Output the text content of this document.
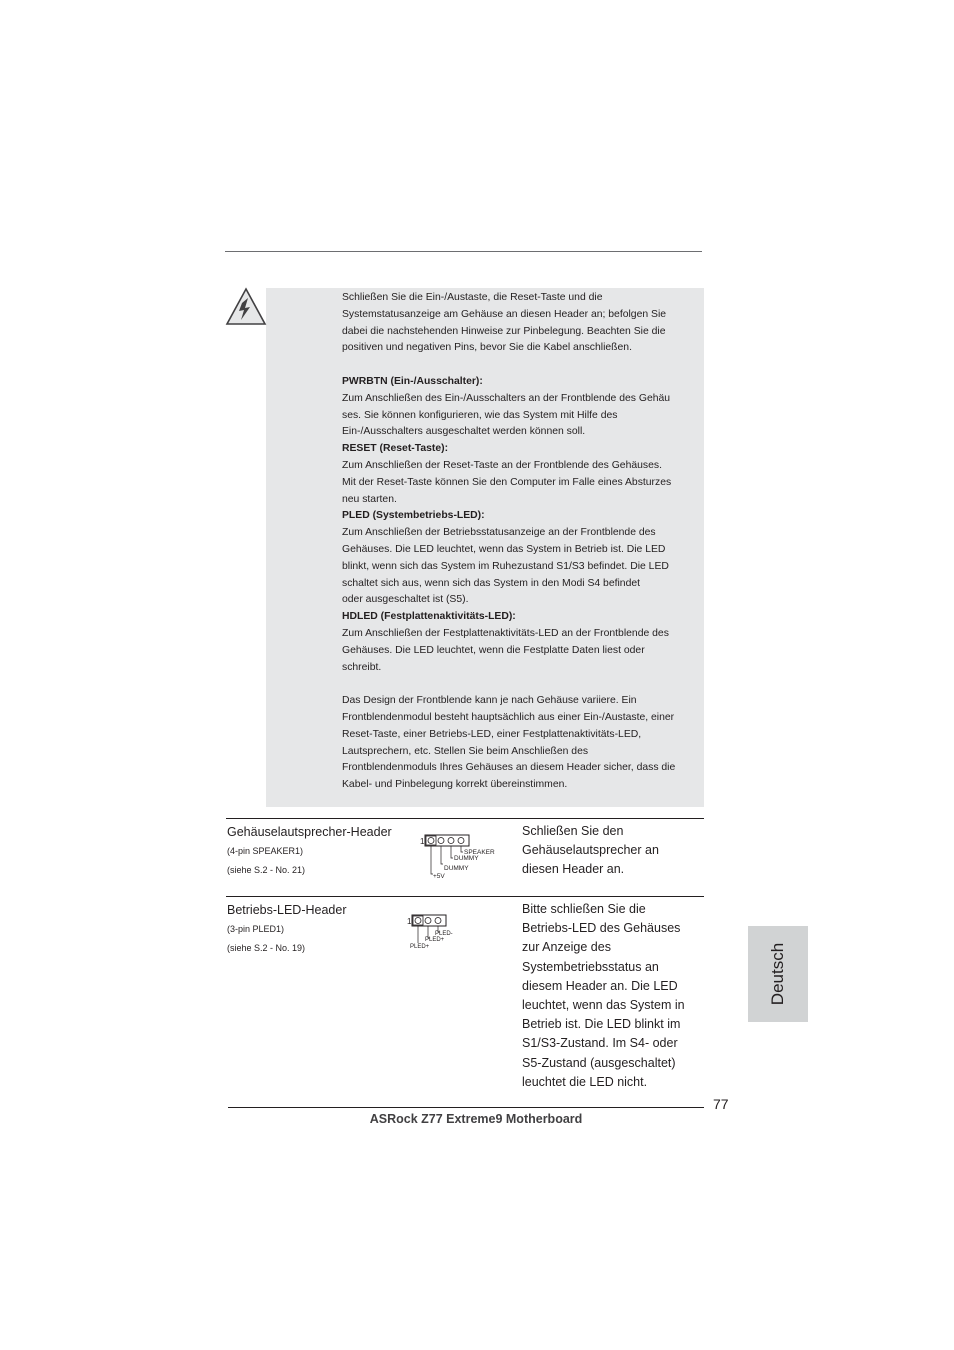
Schließen Sie die Ein-/Austaste, die Reset-Taste und die

Systemstatusanzeige am Gehäuse an diesen Header an; befolgen Sie

dabei die nachstehenden Hinweise zur Pinbelegung. Beachten Sie die

positiven und negativen Pins, bevor Sie die Kabel anschließen.

PWRBTN (Ein-/Ausschalter):

Zum Anschließen des Ein-/Ausschalters an der Frontblende des Gehäu

ses. Sie können konfigurieren, wie das System mit Hilfe des

Ein-/Ausschalters ausgeschaltet werden können soll.

RESET (Reset-Taste):

Zum Anschließen der Reset-Taste an der Frontblende des Gehäuses.

Mit der Reset-Taste können Sie den Computer im Falle eines Absturzes

neu starten.

PLED (Systembetriebs-LED):

Zum Anschließen der Betriebsstatusanzeige an der Frontblende des

Gehäuses. Die LED leuchtet, wenn das System in Betrieb ist. Die LED

blinkt, wenn sich das System im Ruhezustand S1/S3 befindet. Die LED

schaltet sich aus, wenn sich das System in den Modi S4 befindet

oder ausgeschaltet ist (S5).

HDLED (Festplattenaktivitäts-LED):

Zum Anschließen der Festplattenaktivitäts-LED an der Frontblende des

Gehäuses. Die LED leuchtet, wenn die Festplatte Daten liest oder

schreibt.

Das Design der Frontblende kann je nach Gehäuse variiere. Ein

Frontblendenmodul besteht hauptsächlich aus einer Ein-/Austaste, einer

Reset-Taste, einer Betriebs-LED, einer Festplattenaktivitäts-LED,

Lautsprechern, etc. Stellen Sie beim Anschließen des

Frontblendenmoduls Ihres Gehäuses an diesem Header sicher, dass die

Kabel- und Pinbelegung korrekt übereinstimmen.

Gehäuselautsprecher-Header
(4-pin SPEAKER1)
(siehe S.2 - No. 21)
1
SPEAKER
DUMMY
DUMMY
+5V
Schließen Sie den
Gehäuselautsprecher an
diesen Header an.
Betriebs-LED-Header
(3-pin PLED1)
(siehe S.2 - No. 19)
1
PLED-
PLED+
PLED+
Bitte schließen Sie die
Betriebs-LED des Gehäuses
zur Anzeige des
Systembetriebsstatus an
diesem Header an. Die LED
leuchtet, wenn das System in
Betrieb ist. Die LED blinkt im
S1/S3-Zustand. Im S4- oder
S5-Zustand (ausgeschaltet)
leuchtet die LED nicht.
Deutsch
77
ASRock Z77 Extreme9 Motherboard
